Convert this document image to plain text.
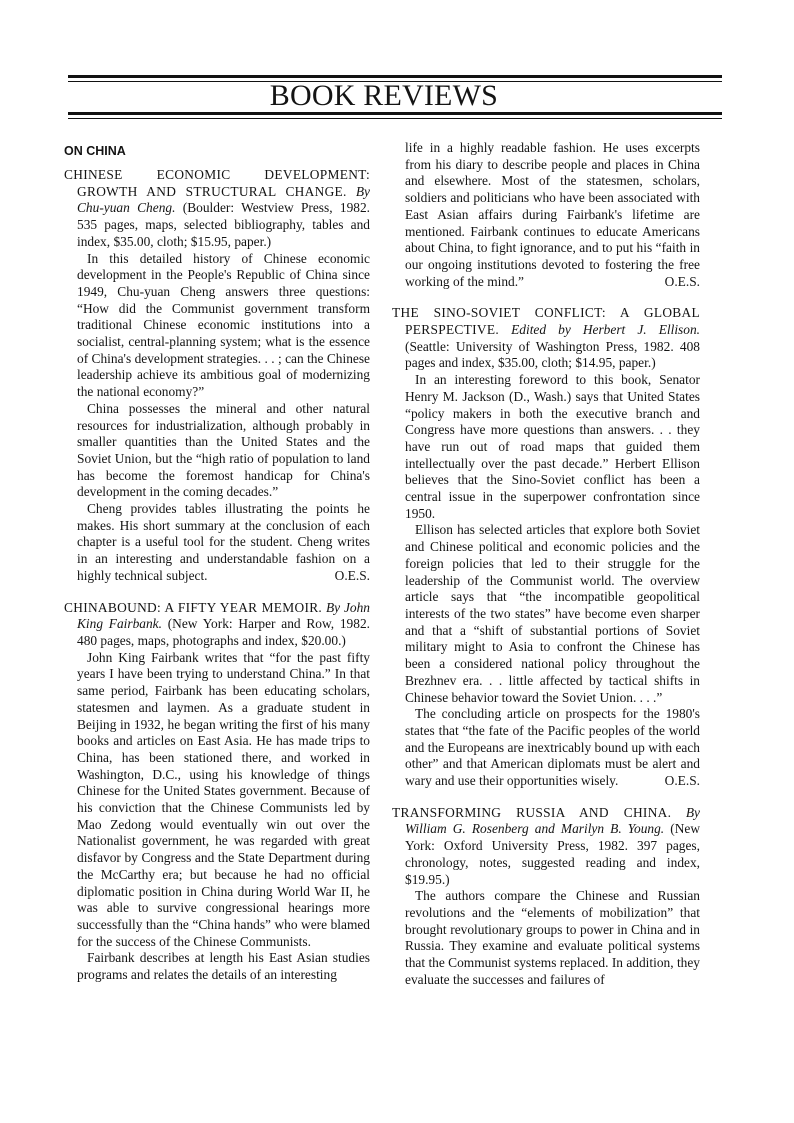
BOOK REVIEWS
ON CHINA

CHINESE ECONOMIC DEVELOPMENT: GROWTH AND STRUCTURAL CHANGE. By Chu-yuan Cheng. (Boulder: Westview Press, 1982. 535 pages, maps, selected bibliography, tables and index, $35.00, cloth; $15.95, paper.)

In this detailed history of Chinese economic development in the People's Republic of China since 1949, Chu-yuan Cheng answers three questions: “How did the Communist government transform traditional Chinese economic institutions into a socialist, central-planning system; what is the essence of China's development strategies. . . ; can the Chinese leadership achieve its ambitious goal of modernizing the national economy?”

China possesses the mineral and other natural resources for industrialization, although probably in smaller quantities than the United States and the Soviet Union, but the “high ratio of population to land has become the foremost handicap for China's development in the coming decades.”

Cheng provides tables illustrating the points he makes. His short summary at the conclusion of each chapter is a useful tool for the student. Cheng writes in an interesting and understandable fashion on a highly technical subject.	O.E.S.

CHINABOUND: A FIFTY YEAR MEMOIR. By John King Fairbank. (New York: Harper and Row, 1982. 480 pages, maps, photographs and index, $20.00.)

John King Fairbank writes that “for the past fifty years I have been trying to understand China.” In that same period, Fairbank has been educating scholars, statesmen and laymen. As a graduate student in Beijing in 1932, he began writing the first of his many books and articles on East Asia. He has made trips to China, has been stationed there, and worked in Washington, D.C., using his knowledge of things Chinese for the United States government. Because of his conviction that the Chinese Communists led by Mao Zedong would eventually win out over the Nationalist government, he was regarded with great disfavor by Congress and the State Department during the McCarthy era; but because he had no official diplomatic position in China during World War II, he was able to survive congressional hearings more successfully than the “China hands” who were blamed for the success of the Chinese Communists.

Fairbank describes at length his East Asian studies programs and relates the details of an interesting

life in a highly readable fashion. He uses excerpts from his diary to describe people and places in China and elsewhere. Most of the statesmen, scholars, soldiers and politicians who have been associated with East Asian affairs during Fairbank's lifetime are mentioned. Fairbank continues to educate Americans about China, to fight ignorance, and to put his “faith in our ongoing institutions devoted to fostering the free working of the mind.”	O.E.S.

THE SINO-SOVIET CONFLICT: A GLOBAL PERSPECTIVE. Edited by Herbert J. Ellison. (Seattle: University of Washington Press, 1982. 408 pages and index, $35.00, cloth; $14.95, paper.)

In an interesting foreword to this book, Senator Henry M. Jackson (D., Wash.) says that United States “policy makers in both the executive branch and Congress have more questions than answers. . . they have run out of road maps that guided them intellectually over the past decade.” Herbert Ellison believes that the Sino-Soviet conflict has been a central issue in the superpower confrontation since 1950.

Ellison has selected articles that explore both Soviet and Chinese political and economic policies and the foreign policies that led to their struggle for the leadership of the Communist world. The overview article says that “the incompatible geopolitical interests of the two states” have become even sharper and that a “shift of substantial portions of Soviet military might to Asia to confront the Chinese has been a considered national policy throughout the Brezhnev era. . . little affected by tactical shifts in Chinese behavior toward the Soviet Union. . . .”

The concluding article on prospects for the 1980's states that “the fate of the Pacific peoples of the world and the Europeans are inextricably bound up with each other” and that American diplomats must be alert and wary and use their opportunities wisely.	O.E.S.

TRANSFORMING RUSSIA AND CHINA. By William G. Rosenberg and Marilyn B. Young. (New York: Oxford University Press, 1982. 397 pages, chronology, notes, suggested reading and index, $19.95.)

The authors compare the Chinese and Russian revolutions and the “elements of mobilization” that brought revolutionary groups to power in China and in Russia. They examine and evaluate political systems that the Communist systems replaced. In addition, they evaluate the successes and failures of
